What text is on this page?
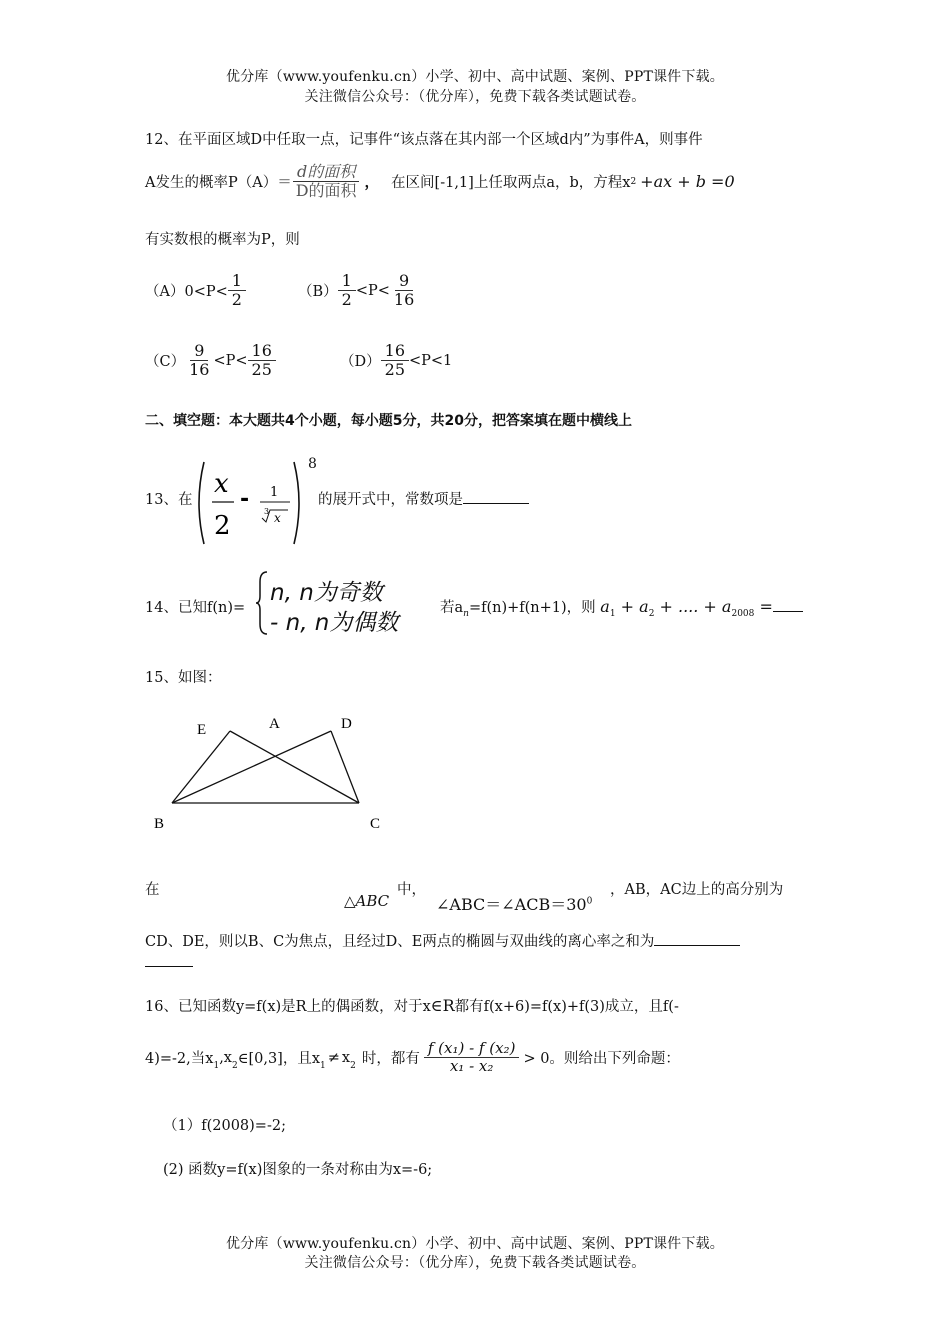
优分库（www.youfenku.cn）小学、初中、高中试题、案例、PPT课件下载。
关注微信公众号：（优分库），免费下载各类试题试卷。
12、在平面区域D中任取一点，记事件“该点落在其内部一个区域d内”为事件A，则事件
A发生的概率$P(A)= \frac{\text{d的面积}}{\text{D的面积}}$ ， 在区间[-1,1]上任取两点a，b，方程x 2 +ax + b =0
有实数根的概率为P，则
$(A)0<P< \frac{1}{2}$	$(B) \frac{1}{2} <P< \frac{9}{16}$
$(C) \frac{9}{16} <P< \frac{16}{25}$	$(D) \frac{16}{25} <P<1$
二、填空题：本大题共4个小题，每小题5分，共20分，把答案填在题中横线上
13、在
x
2
- 1
3 x
8
的展开式中，常数项是
14、已知f(n)=
n, n为奇数
- n, n为偶数
若$a_n=f(n)+f(n+1)$，则 $a_1 + a_2$ + .... + $a_{2008}$ =
15、如图：
E	A	D
B	C
在
△ABC
中，
$\angle ABC=\angle ACB=30^0$
，AB，AC边上的高分别为
CD、DE，则以B、C为焦点，且经过D、E两点的椭圆与双曲线的离心率之和为
16、已知函数y=f(x)是R上的偶函数，对于x∈R都有f(x+6)=f(x)+f(3)成立，且f(-
4)=-2,当$x_1$ $,x_2$ ∈[0,3]，且$x_1 \ne x_2$ 时，都有 $\frac{\text{f (x₁) - f (x₂)}}{\text{x₁ - x₂}} > 0$。则给出下列命题：
（1）f(2008)=-2;
(2) 函数y=f(x)图象的一条对称由为x=-6;
优分库（www.youfenku.cn）小学、初中、高中试题、案例、PPT课件下载。
关注微信公众号：（优分库），免费下载各类试题试卷。
